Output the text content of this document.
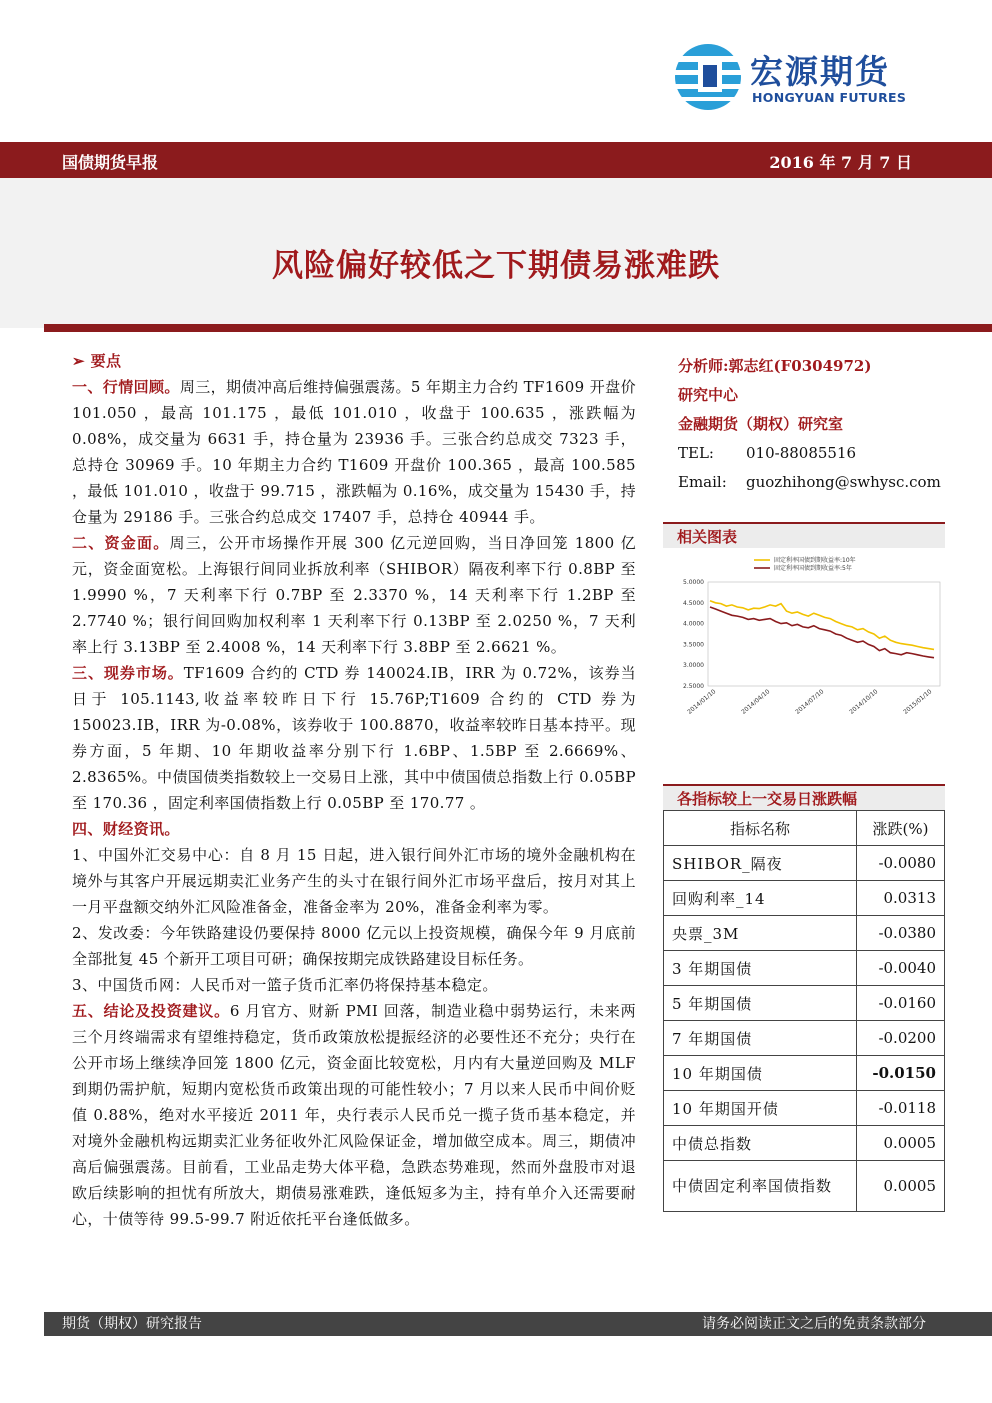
宏源期货
HONGYUAN FUTURES
国债期货早报	2016 年 7 月 7 日
风险偏好较低之下期债易涨难跌

➢ 要点

一、行情回顾。周三，期债冲高后维持偏强震荡。5 年期主力合约 TF1609 开盘价 101.050 ，最高 101.175 ，最低 101.010 ，收盘于 100.635 ，涨跌幅为 0.08%，成交量为 6631 手，持仓量为 23936 手。三张合约总成交 7323 手，总持仓 30969 手。10 年期主力合约 T1609 开盘价 100.365 ，最高 100.585 ，最低 101.010 ，收盘于 99.715 ，涨跌幅为 0.16%，成交量为 15430 手，持仓量为 29186 手。三张合约总成交 17407 手，总持仓 40944 手。

二、资金面。周三，公开市场操作开展 300 亿元逆回购，当日净回笼 1800 亿元，资金面宽松。上海银行间同业拆放利率（SHIBOR）隔夜利率下行 0.8BP 至 1.9990 %，7 天利率下行 0.7BP 至 2.3370 %，14 天利率下行 1.2BP 至 2.7740 %；银行间回购加权利率 1 天利率下行 0.13BP 至 2.0250 %，7 天利率上行 3.13BP 至 2.4008 %，14 天利率下行 3.8BP 至 2.6621 %。

三、现券市场。TF1609 合约的 CTD 券 140024.IB，IRR 为 0.72%，该券当日于 105.1143,收益率较昨日下行 15.76P;T1609 合约的 CTD 券为 150023.IB，IRR 为-0.08%，该券收于 100.8870，收益率较昨日基本持平。现券方面，5 年期、10 年期收益率分别下行 1.6BP、1.5BP 至 2.6669%、2.8365%。中债国债类指数较上一交易日上涨，其中中债国债总指数上行 0.05BP 至 170.36 ，固定利率国债指数上行 0.05BP 至 170.77 。

四、财经资讯。

1、中国外汇交易中心：自 8 月 15 日起，进入银行间外汇市场的境外金融机构在境外与其客户开展远期卖汇业务产生的头寸在银行间外汇市场平盘后，按月对其上一月平盘额交纳外汇风险准备金，准备金率为 20%，准备金利率为零。

2、发改委：今年铁路建设仍要保持 8000 亿元以上投资规模，确保今年 9 月底前全部批复 45 个新开工项目可研；确保按期完成铁路建设目标任务。

3、中国货币网：人民币对一篮子货币汇率仍将保持基本稳定。

五、结论及投资建议。6 月官方、财新 PMI 回落，制造业稳中弱势运行，未来两三个月终端需求有望维持稳定，货币政策放松提振经济的必要性还不充分；央行在公开市场上继续净回笼 1800 亿元，资金面比较宽松，月内有大量逆回购及 MLF 到期仍需护航，短期内宽松货币政策出现的可能性较小；7 月以来人民币中间价贬值 0.88%，绝对水平接近 2011 年，央行表示人民币兑一揽子货币基本稳定，并对境外金融机构远期卖汇业务征收外汇风险保证金，增加做空成本。周三，期债冲高后偏强震荡。目前看，工业品走势大体平稳，急跌态势难现，然而外盘股市对退欧后续影响的担忧有所放大，期债易涨难跌，逢低短多为主，持有单介入还需要耐心，十债等待 99.5-99.7 附近依托平台逢低做多。

分析师:郭志红(F0304972)
研究中心
金融期货（期权）研究室
TEL: 010-88085516
Email: guozhihong@swhysc.com
相关图表
5.0000
4.5000
4.0000
3.5000
3.0000
2.5000
2014/01/10	2014/04/10	2014/07/10	2014/10/10	2015/01/10
固定利率国债到期收益率:10年
固定利率国债到期收益率:5年
各指标较上一交易日涨跌幅
指标名称	涨跌(%)
SHIBOR_隔夜	-0.0080
回购利率_14	0.0313
央票_3M	-0.0380
3 年期国债	-0.0040
5 年期国债	-0.0160
7 年期国债	-0.0200
10 年期国债	-0.0150
10 年期国开债	-0.0118
中债总指数	0.0005
中债固定利率国债指数	0.0005
期货（期权）研究报告	请务必阅读正文之后的免责条款部分
